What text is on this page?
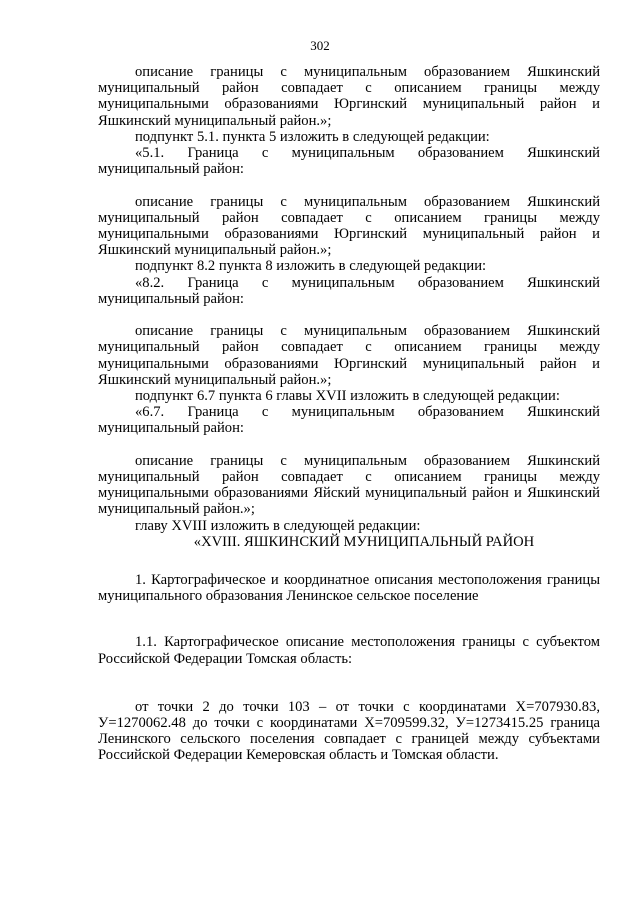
302

описание границы с муниципальным образованием Яшкинский муниципальный район совпадает с описанием границы между муниципальными образованиями Юргинский муниципальный район и Яшкинский муниципальный район.»;

подпункт 5.1. пункта 5 изложить в следующей редакции:

«5.1. Граница с муниципальным образованием Яшкинский муниципальный район:

описание границы с муниципальным образованием Яшкинский муниципальный район совпадает с описанием границы между муниципальными образованиями Юргинский муниципальный район и Яшкинский муниципальный район.»;

подпункт 8.2 пункта 8 изложить в следующей редакции:

«8.2. Граница с муниципальным образованием Яшкинский муниципальный район:

описание границы с муниципальным образованием Яшкинский муниципальный район совпадает с описанием границы между муниципальными образованиями Юргинский муниципальный район и Яшкинский муниципальный район.»;

подпункт 6.7 пункта 6 главы XVII изложить в следующей редакции:

«6.7. Граница с муниципальным образованием Яшкинский муниципальный район:

описание границы с муниципальным образованием Яшкинский муниципальный район совпадает с описанием границы между муниципальными образованиями Яйский муниципальный район и Яшкинский муниципальный район.»;

главу XVIII изложить в следующей редакции:

«XVIII. ЯШКИНСКИЙ МУНИЦИПАЛЬНЫЙ РАЙОН

1. Картографическое и координатное описания местоположения границы муниципального образования Ленинское сельское поселение

1.1. Картографическое описание местоположения границы с субъектом Российской Федерации Томская область:

от точки 2 до точки 103 – от точки с координатами Х=707930.83, У=1270062.48 до точки с координатами Х=709599.32, У=1273415.25 граница Ленинского сельского поселения совпадает с границей между субъектами Российской Федерации Кемеровская область и Томская области.
